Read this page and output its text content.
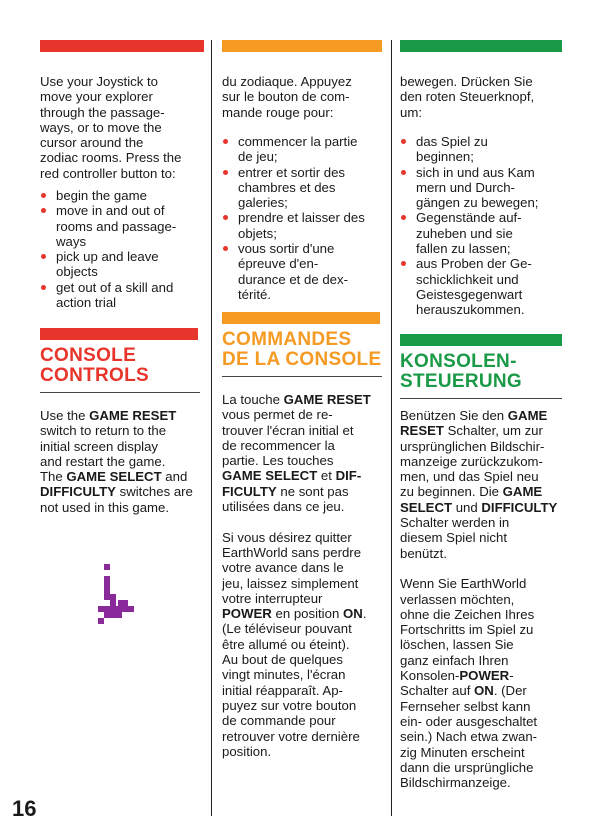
Use your Joystick to
move your explorer
through the passage-
ways, or to move the
cursor around the
zodiac rooms. Press the
red controller button to:
begin the game
move in and out of
rooms and passage-
ways
pick up and leave
objects
get out of a skill and
action trial
CONSOLE
CONTROLS
Use the GAME RESET
switch to return to the
initial screen display
and restart the game.
The GAME SELECT and
DIFFICULTY switches are
not used in this game.
du zodiaque. Appuyez
sur le bouton de com-
mande rouge pour:
commencer la partie
de jeu;
entrer et sortir des
chambres et des
galeries;
prendre et laisser des
objets;
vous sortir d'une
épreuve d'en-
durance et de dex-
térité.
COMMANDES
DE LA CONSOLE
La touche GAME RESET
vous permet de re-
trouver l'écran initial et
de recommencer la
partie. Les touches
GAME SELECT et DIF-
FICULTY ne sont pas
utilisées dans ce jeu.

Si vous désirez quitter
EarthWorld sans perdre
votre avance dans le
jeu, laissez simplement
votre interrupteur
POWER en position ON.
(Le téléviseur pouvant
être allumé ou éteint).
Au bout de quelques
vingt minutes, l'écran
initial réapparaît. Ap-
puyez sur votre bouton
de commande pour
retrouver votre dernière
position.
bewegen. Drücken Sie
den roten Steuerknopf,
um:
das Spiel zu
beginnen;
sich in und aus Kam
mern und Durch-
gängen zu bewegen;
Gegenstände auf-
zuheben und sie
fallen zu lassen;
aus Proben der Ge-
schicklichkeit und
Geistesgegenwart
herauszukommen.
KONSOLEN-
STEUERUNG
Benützen Sie den GAME
RESET Schalter, um zur
ursprünglichen Bildschir-
manzeige zurückzukom-
men, und das Spiel neu
zu beginnen. Die GAME
SELECT und DIFFICULTY
Schalter werden in
diesem Spiel nicht
benützt.

Wenn Sie EarthWorld
verlassen möchten,
ohne die Zeichen Ihres
Fortschritts im Spiel zu
löschen, lassen Sie
ganz einfach Ihren
Konsolen-POWER-
Schalter auf ON. (Der
Fernseher selbst kann
ein- oder ausgeschaltet
sein.) Nach etwa zwan-
zig Minuten erscheint
dann die ursprüngliche
Bildschirmanzeige.
16
